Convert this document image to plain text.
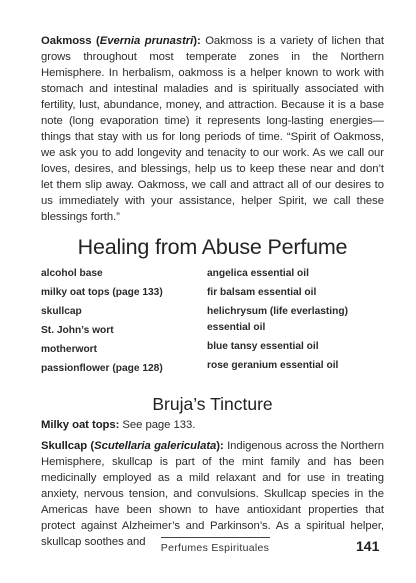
Oakmoss (Evernia prunastri): Oakmoss is a variety of lichen that grows throughout most temperate zones in the Northern Hemisphere. In herbalism, oakmoss is a helper known to work with stomach and intestinal maladies and is spiritually associated with fertility, lust, abundance, money, and attraction. Because it is a base note (long evaporation time) it represents long-lasting energies—things that stay with us for long periods of time. “Spirit of Oakmoss, we ask you to add longevity and tenacity to our work. As we call our loves, desires, and blessings, help us to keep these near and don’t let them slip away. Oakmoss, we call and attract all of our desires to us immediately with your assistance, helper Spirit, we call these blessings forth.”

Healing from Abuse Perfume
alcohol base
milky oat tops (page 133)
skullcap
St. John’s wort
motherwort
passionflower (page 128)
angelica essential oil
fir balsam essential oil
helichrysum (life everlasting) essential oil
blue tansy essential oil
rose geranium essential oil
Bruja’s Tincture

Milky oat tops: See page 133.

Skullcap (Scutellaria galericulata): Indigenous across the Northern Hemisphere, skullcap is part of the mint family and has been medicinally employed as a mild relaxant and for use in treating anxiety, nervous tension, and convulsions. Skullcap species in the Americas have been shown to have antioxidant properties that protect against Alzheimer’s and Parkinson’s. As a spiritual helper, skullcap soothes and

Perfumes Espirituales	141
